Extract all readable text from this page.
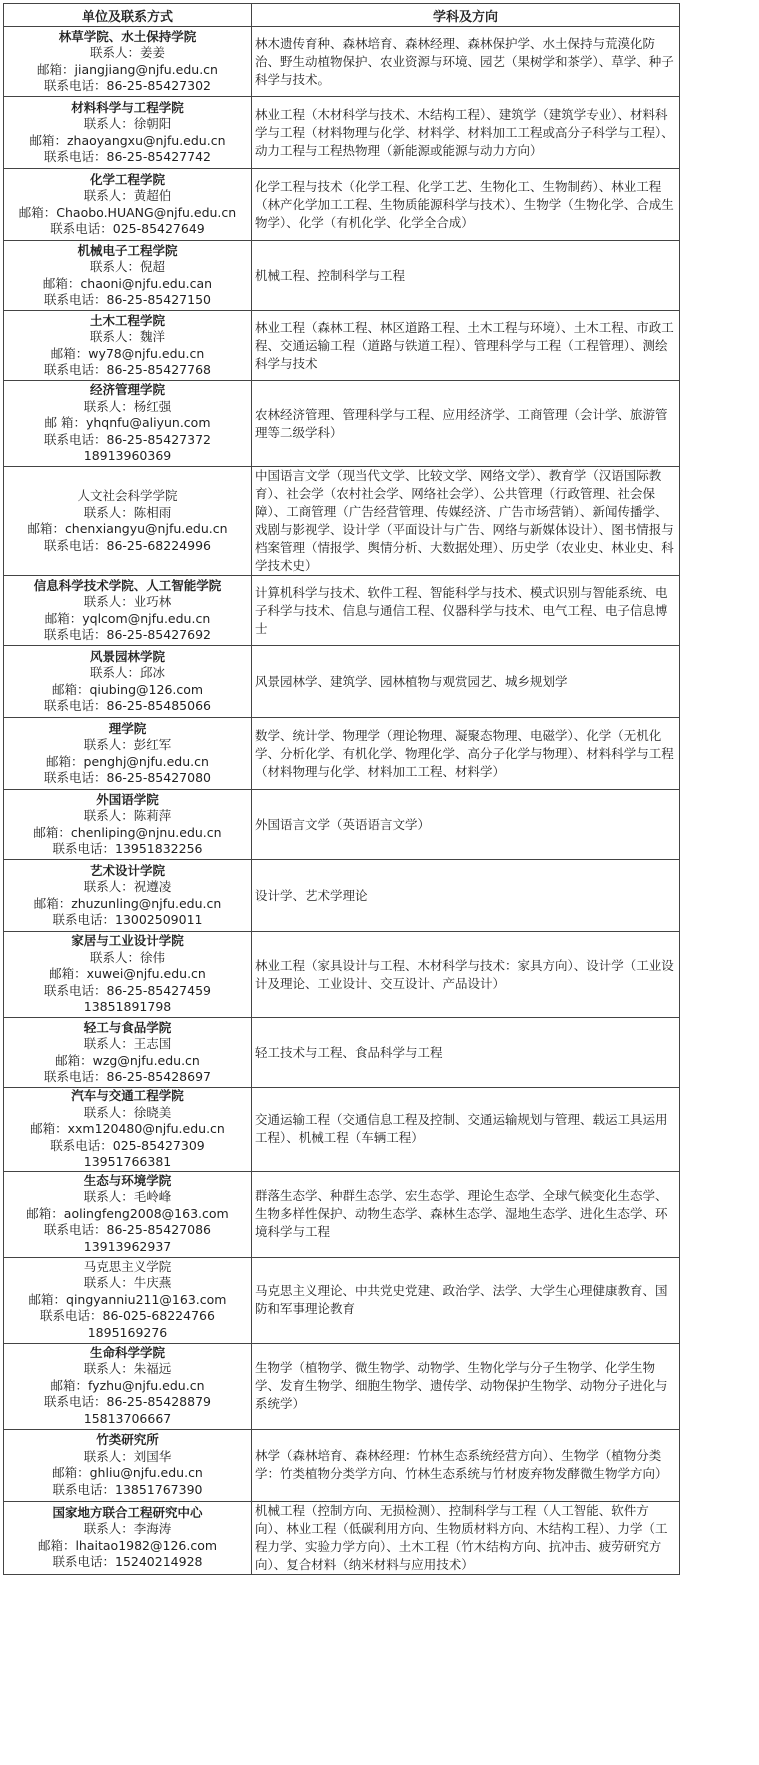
单位及联系方式	学科及方向

林草学院、水土保持学院
联系人：姜姜
邮箱：jiangjiang@njfu.edu.cn
联系电话：86-25-85427302	林木遗传育种、森林培育、森林经理、森林保护学、水土保持与荒漠化防治、野生动植物保护、农业资源与环境、园艺（果树学和茶学）、草学、种子科学与技术。

材料科学与工程学院
联系人：徐朝阳
邮箱：zhaoyangxu@njfu.edu.cn
联系电话：86-25-85427742	林业工程（木材科学与技术、木结构工程）、建筑学（建筑学专业）、材料科学与工程（材料物理与化学、材料学、材料加工工程或高分子科学与工程）、动力工程与工程热物理（新能源或能源与动力方向）

化学工程学院
联系人：黄超伯
邮箱：Chaobo.HUANG@njfu.edu.cn
联系电话：025-85427649	化学工程与技术（化学工程、化学工艺、生物化工、生物制药）、林业工程（林产化学加工工程、生物质能源科学与技术）、生物学（生物化学、合成生物学）、化学（有机化学、化学全合成）

机械电子工程学院
联系人：倪超
邮箱：chaoni@njfu.edu.can
联系电话：86-25-85427150	机械工程、控制科学与工程

土木工程学院
联系人：魏洋
邮箱：wy78@njfu.edu.cn
联系电话：86-25-85427768	林业工程（森林工程、林区道路工程、土木工程与环境）、土木工程、市政工程、交通运输工程（道路与铁道工程）、管理科学与工程（工程管理）、测绘科学与技术

经济管理学院
联系人：杨红强
邮 箱：yhqnfu@aliyun.com
联系电话：86-25-85427372
18913960369	农林经济管理、管理科学与工程、应用经济学、工商管理（会计学、旅游管理等二级学科）

人文社会科学学院
联系人：陈相雨
邮箱：chenxiangyu@njfu.edu.cn
联系电话：86-25-68224996	中国语言文学（现当代文学、比较文学、网络文学）、教育学（汉语国际教育）、社会学（农村社会学、网络社会学）、公共管理（行政管理、社会保障）、工商管理（广告经营管理、传媒经济、广告市场营销）、新闻传播学、戏剧与影视学、设计学（平面设计与广告、网络与新媒体设计）、图书情报与档案管理（情报学、舆情分析、大数据处理）、历史学（农业史、林业史、科学技术史）

信息科学技术学院、人工智能学院
联系人：业巧林
邮箱：yqlcom@njfu.edu.cn
联系电话：86-25-85427692	计算机科学与技术、软件工程、智能科学与技术、模式识别与智能系统、电子科学与技术、信息与通信工程、仪器科学与技术、电气工程、电子信息博士

风景园林学院
联系人：邱冰
邮箱：qiubing@126.com
联系电话：86-25-85485066	风景园林学、建筑学、园林植物与观赏园艺、城乡规划学

理学院
联系人：彭红军
邮箱：penghj@njfu.edu.cn
联系电话：86-25-85427080	数学、统计学、物理学（理论物理、凝聚态物理、电磁学）、化学（无机化学、分析化学、有机化学、物理化学、高分子化学与物理）、材料科学与工程（材料物理与化学、材料加工工程、材料学）

外国语学院
联系人：陈莉萍
邮箱：chenliping@njnu.edu.cn
联系电话：13951832256	外国语言文学（英语语言文学）

艺术设计学院
联系人：祝遵凌
邮箱：zhuzunling@njfu.edu.cn
联系电话：13002509011	设计学、艺术学理论

家居与工业设计学院
联系人：徐伟
邮箱：xuwei@njfu.edu.cn
联系电话：86-25-85427459
13851891798	林业工程（家具设计与工程、木材科学与技术：家具方向）、设计学（工业设计及理论、工业设计、交互设计、产品设计）

轻工与食品学院
联系人：王志国
邮箱：wzg@njfu.edu.cn
联系电话：86-25-85428697	轻工技术与工程、食品科学与工程

汽车与交通工程学院
联系人：徐晓美
邮箱：xxm120480@njfu.edu.cn
联系电话：025-85427309
13951766381	交通运输工程（交通信息工程及控制、交通运输规划与管理、载运工具运用工程）、机械工程（车辆工程）

生态与环境学院
联系人：毛岭峰
邮箱：aolingfeng2008@163.com
联系电话：86-25-85427086
13913962937	群落生态学、种群生态学、宏生态学、理论生态学、全球气候变化生态学、生物多样性保护、动物生态学、森林生态学、湿地生态学、进化生态学、环境科学与工程

马克思主义学院
联系人：牛庆燕
邮箱：qingyanniu211@163.com
联系电话：86-025-68224766
1895169276	马克思主义理论、中共党史党建、政治学、法学、大学生心理健康教育、国防和军事理论教育

生命科学学院
联系人：朱福远
邮箱：fyzhu@njfu.edu.cn
联系电话：86-25-85428879
15813706667	生物学（植物学、微生物学、动物学、生物化学与分子生物学、化学生物学、发育生物学、细胞生物学、遗传学、动物保护生物学、动物分子进化与系统学）

竹类研究所
联系人：刘国华
邮箱：ghliu@njfu.edu.cn
联系电话：13851767390	林学（森林培育、森林经理：竹林生态系统经营方向）、生物学（植物分类学：竹类植物分类学方向、竹林生态系统与竹材废弃物发酵微生物学方向）

国家地方联合工程研究中心
联系人：李海涛
邮箱：lhaitao1982@126.com
联系电话：15240214928	机械工程（控制方向、无损检测）、控制科学与工程（人工智能、软件方向）、林业工程（低碳利用方向、生物质材料方向、木结构工程）、力学（工程力学、实验力学方向）、土木工程（竹木结构方向、抗冲击、疲劳研究方向）、复合材料（纳米材料与应用技术）
